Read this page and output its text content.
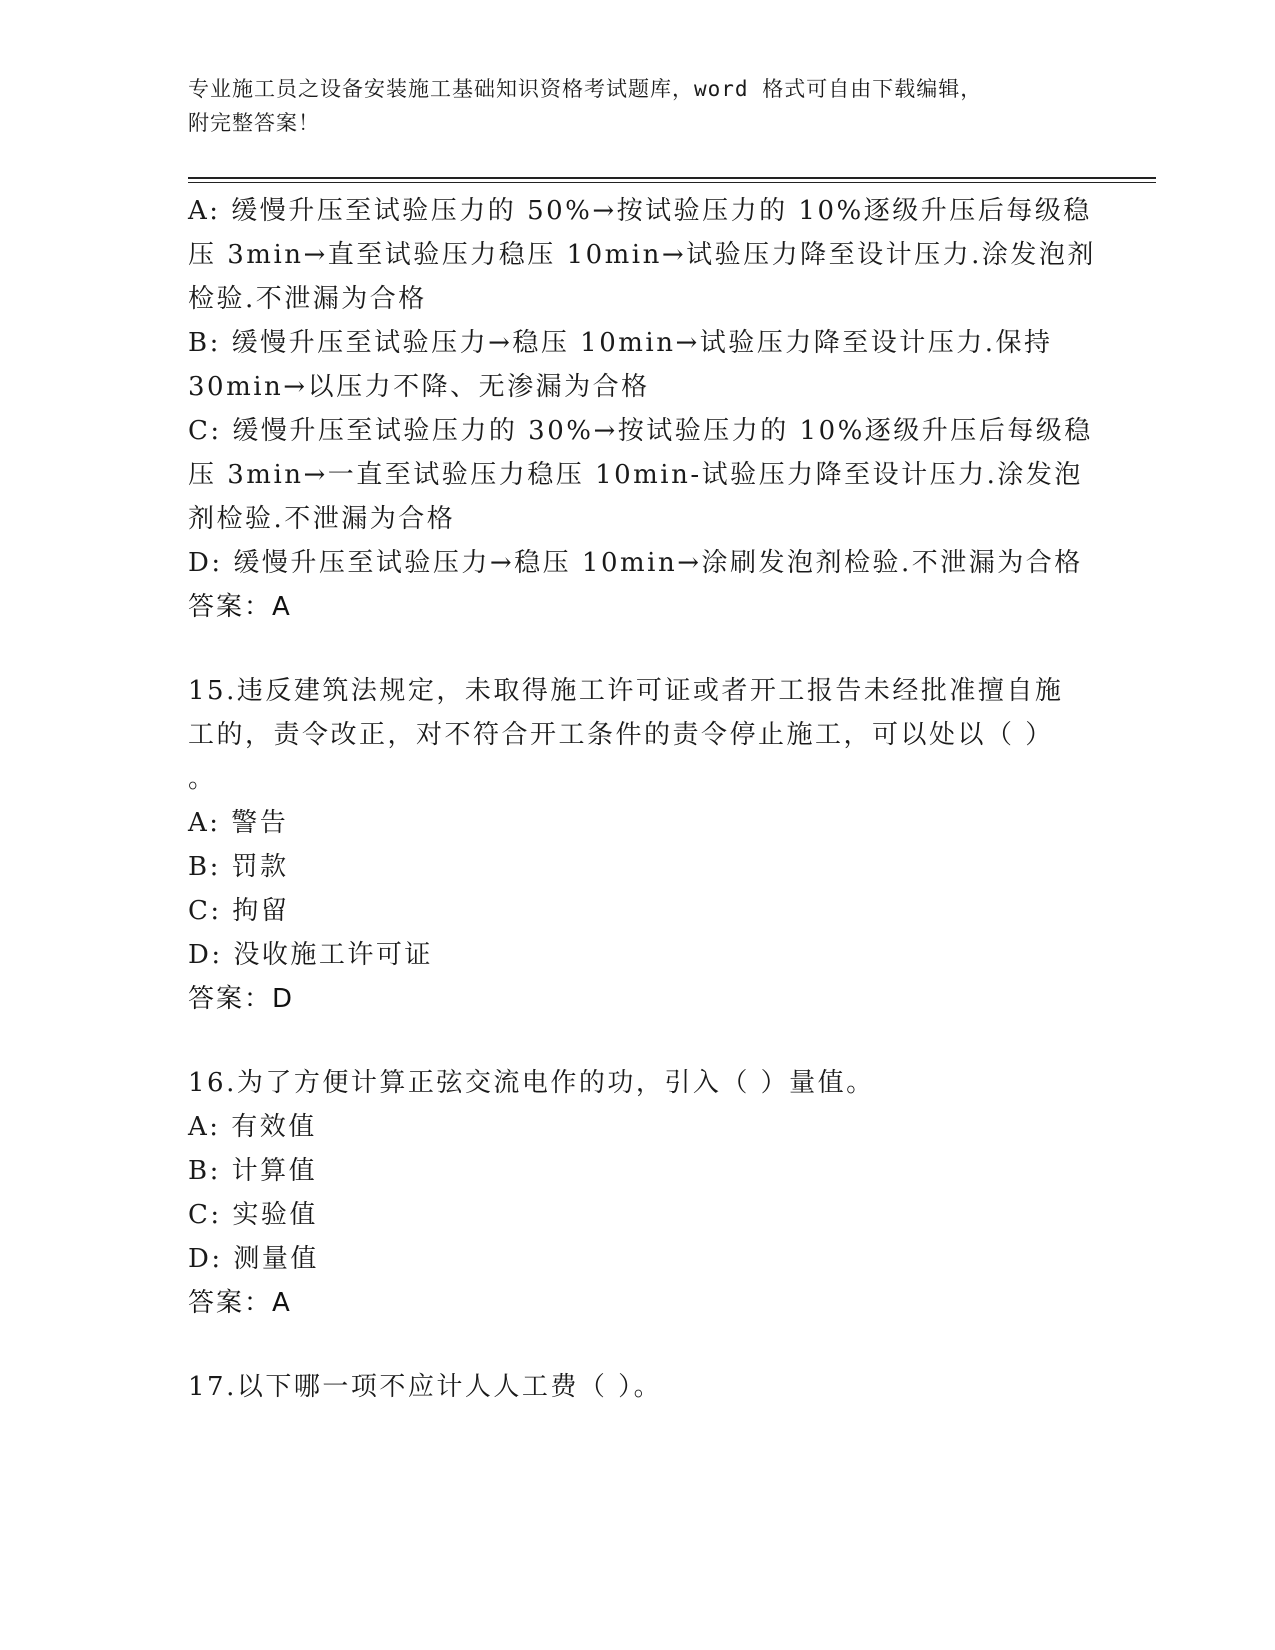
专业施工员之设备安装施工基础知识资格考试题库，word 格式可自由下载编辑，
附完整答案！
A: 缓慢升压至试验压力的 50%→按试验压力的 10%逐级升压后每级稳
压 3min→直至试验压力稳压 10min→试验压力降至设计压力.涂发泡剂
检验.不泄漏为合格
B: 缓慢升压至试验压力→稳压 10min→试验压力降至设计压力.保持
30min→以压力不降、无渗漏为合格
C: 缓慢升压至试验压力的 30%→按试验压力的 10%逐级升压后每级稳
压 3min→一直至试验压力稳压 10min-试验压力降至设计压力.涂发泡
剂检验.不泄漏为合格
D: 缓慢升压至试验压力→稳压 10min→涂刷发泡剂检验.不泄漏为合格
答案：A
15.违反建筑法规定，未取得施工许可证或者开工报告未经批准擅自施
工的，责令改正，对不符合开工条件的责令停止施工，可以处以（ ）
。
A: 警告
B: 罚款
C: 拘留
D: 没收施工许可证
答案：D
16.为了方便计算正弦交流电作的功，引入（ ）量值。
A: 有效值
B: 计算值
C: 实验值
D: 测量值
答案：A
17.以下哪一项不应计人人工费（ ）。
